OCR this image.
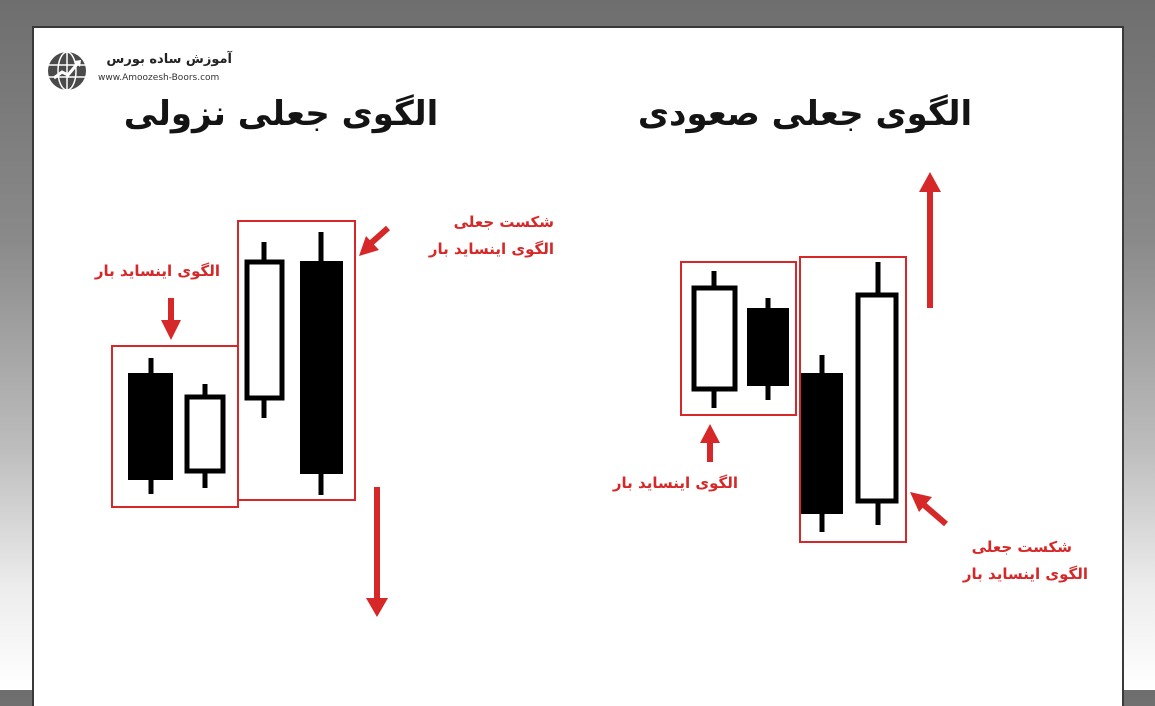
آموزش ساده بورس
www.Amoozesh-Boors.com
الگوی جعلی نزولی	الگوی جعلی صعودی
الگوی اینساید بار
شکست جعلی
الگوی اینساید بار
الگوی اینساید بار
شکست جعلی
الگوی اینساید بار
